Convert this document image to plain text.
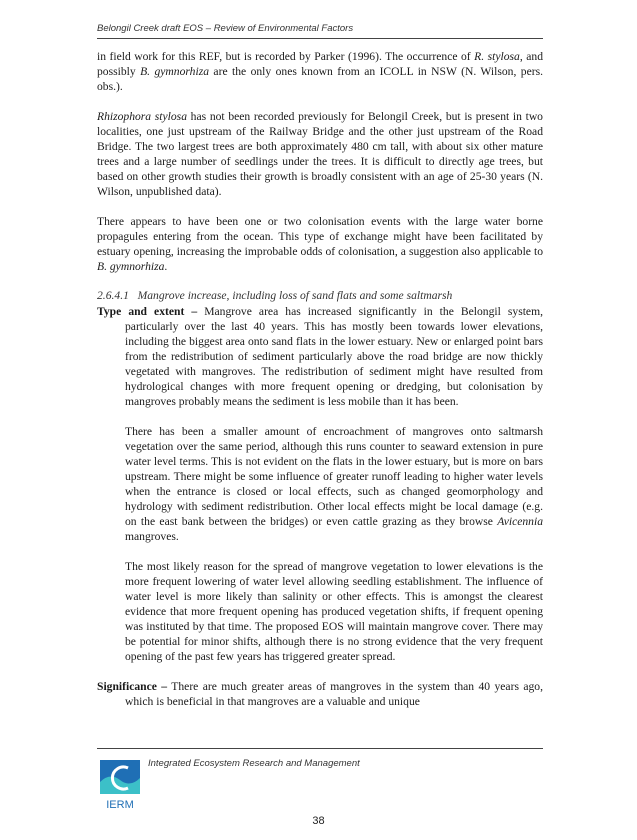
Belongil Creek draft EOS – Review of Environmental Factors

in field work for this REF, but is recorded by Parker (1996). The occurrence of R. stylosa, and possibly B. gymnorhiza are the only ones known from an ICOLL in NSW (N. Wilson, pers. obs.).

Rhizophora stylosa has not been recorded previously for Belongil Creek, but is present in two localities, one just upstream of the Railway Bridge and the other just upstream of the Road Bridge. The two largest trees are both approximately 480 cm tall, with about six other mature trees and a large number of seedlings under the trees. It is difficult to directly age trees, but based on other growth studies their growth is broadly consistent with an age of 25-30 years (N. Wilson, unpublished data).

There appears to have been one or two colonisation events with the large water borne propagules entering from the ocean. This type of exchange might have been facilitated by estuary opening, increasing the improbable odds of colonisation, a suggestion also applicable to B. gymnorhiza.

2.6.4.1 Mangrove increase, including loss of sand flats and some saltmarsh

Type and extent – Mangrove area has increased significantly in the Belongil system, particularly over the last 40 years. This has mostly been towards lower elevations, including the biggest area onto sand flats in the lower estuary. New or enlarged point bars from the redistribution of sediment particularly above the road bridge are now thickly vegetated with mangroves. The redistribution of sediment might have resulted from hydrological changes with more frequent opening or dredging, but colonisation by mangroves probably means the sediment is less mobile than it has been.

There has been a smaller amount of encroachment of mangroves onto saltmarsh vegetation over the same period, although this runs counter to seaward extension in pure water level terms. This is not evident on the flats in the lower estuary, but is more on bars upstream. There might be some influence of greater runoff leading to higher water levels when the entrance is closed or local effects, such as changed geomorphology and hydrology with sediment redistribution. Other local effects might be local damage (e.g. on the east bank between the bridges) or even cattle grazing as they browse Avicennia mangroves.

The most likely reason for the spread of mangrove vegetation to lower elevations is the more frequent lowering of water level allowing seedling establishment. The influence of water level is more likely than salinity or other effects. This is amongst the clearest evidence that more frequent opening has produced vegetation shifts, if frequent opening was instituted by that time. The proposed EOS will maintain mangrove cover. There may be potential for minor shifts, although there is no strong evidence that the very frequent opening of the past few years has triggered greater spread.

Significance – There are much greater areas of mangroves in the system than 40 years ago, which is beneficial in that mangroves are a valuable and unique

IERM
Integrated Ecosystem Research and Management
38
